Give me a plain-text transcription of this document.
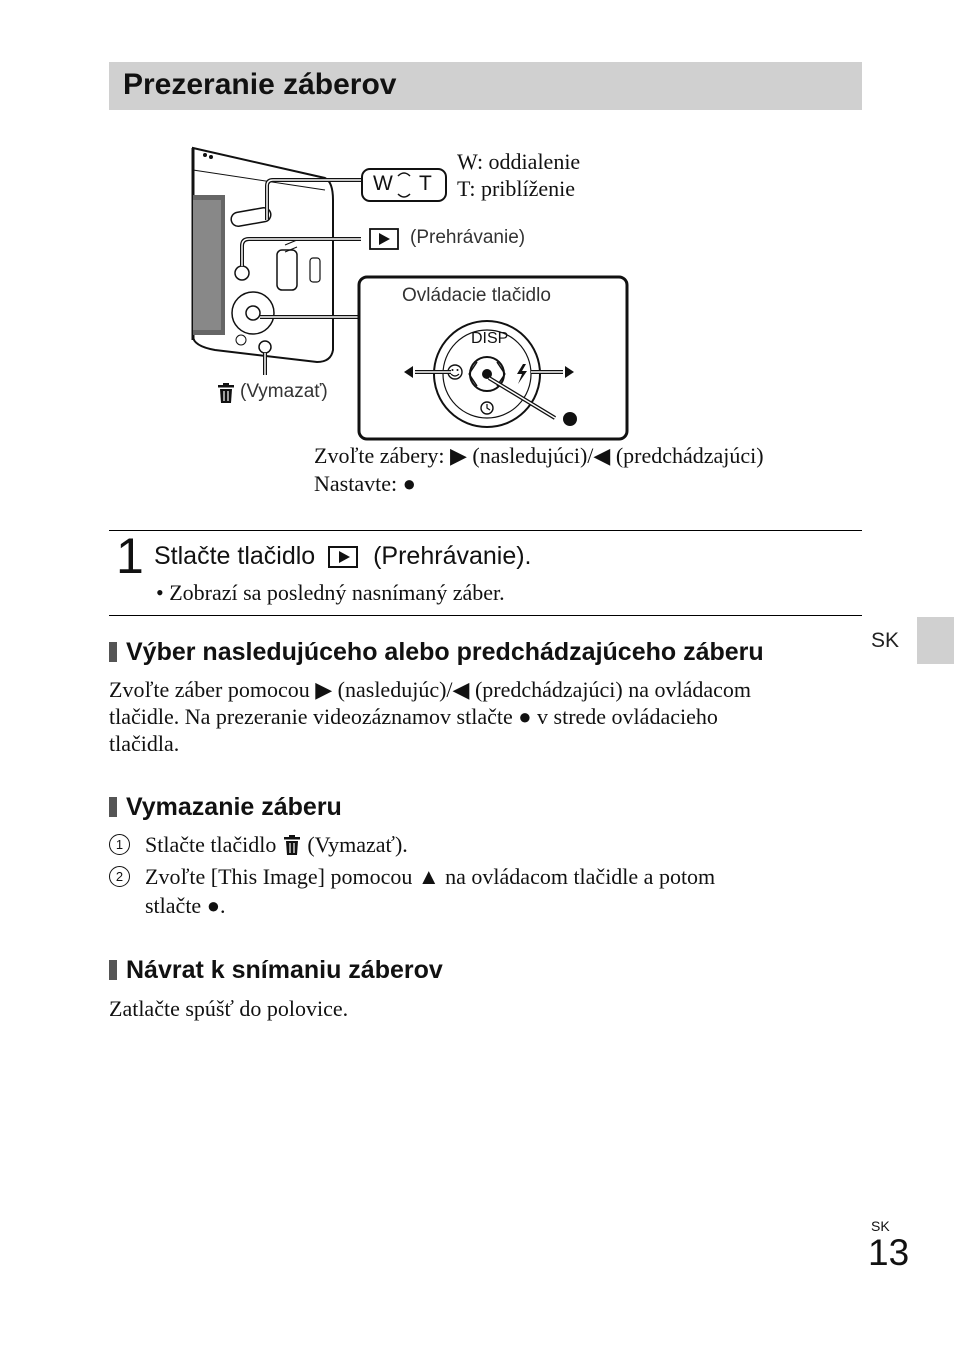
Prezeranie záberov
W T
W: oddialenie
T: priblíženie
(Prehrávanie)
(Vymazať)
Ovládacie tlačidlo
DISP
Zvoľte zábery: ▶ (nasledujúci)/◀ (predchádzajúci)
Nastavte: ●
1 Stlačte tlačidlo (Prehrávanie).
• Zobrazí sa posledný nasnímaný záber.
Výber nasledujúceho alebo predchádzajúceho záberu
Zvoľte záber pomocou ▶ (nasledujúc)/◀ (predchádzajúci) na ovládacom
tlačidle. Na prezeranie videozáznamov stlačte ● v strede ovládacieho
tlačidla.
Vymazanie záberu
1 Stlačte tlačidlo  (Vymazať).
2 Zvoľte [This Image] pomocou ▲ na ovládacom tlačidle a potom
stlačte ●.
Návrat k snímaniu záberov
Zatlačte spúšť do polovice.
SK
SK
13
